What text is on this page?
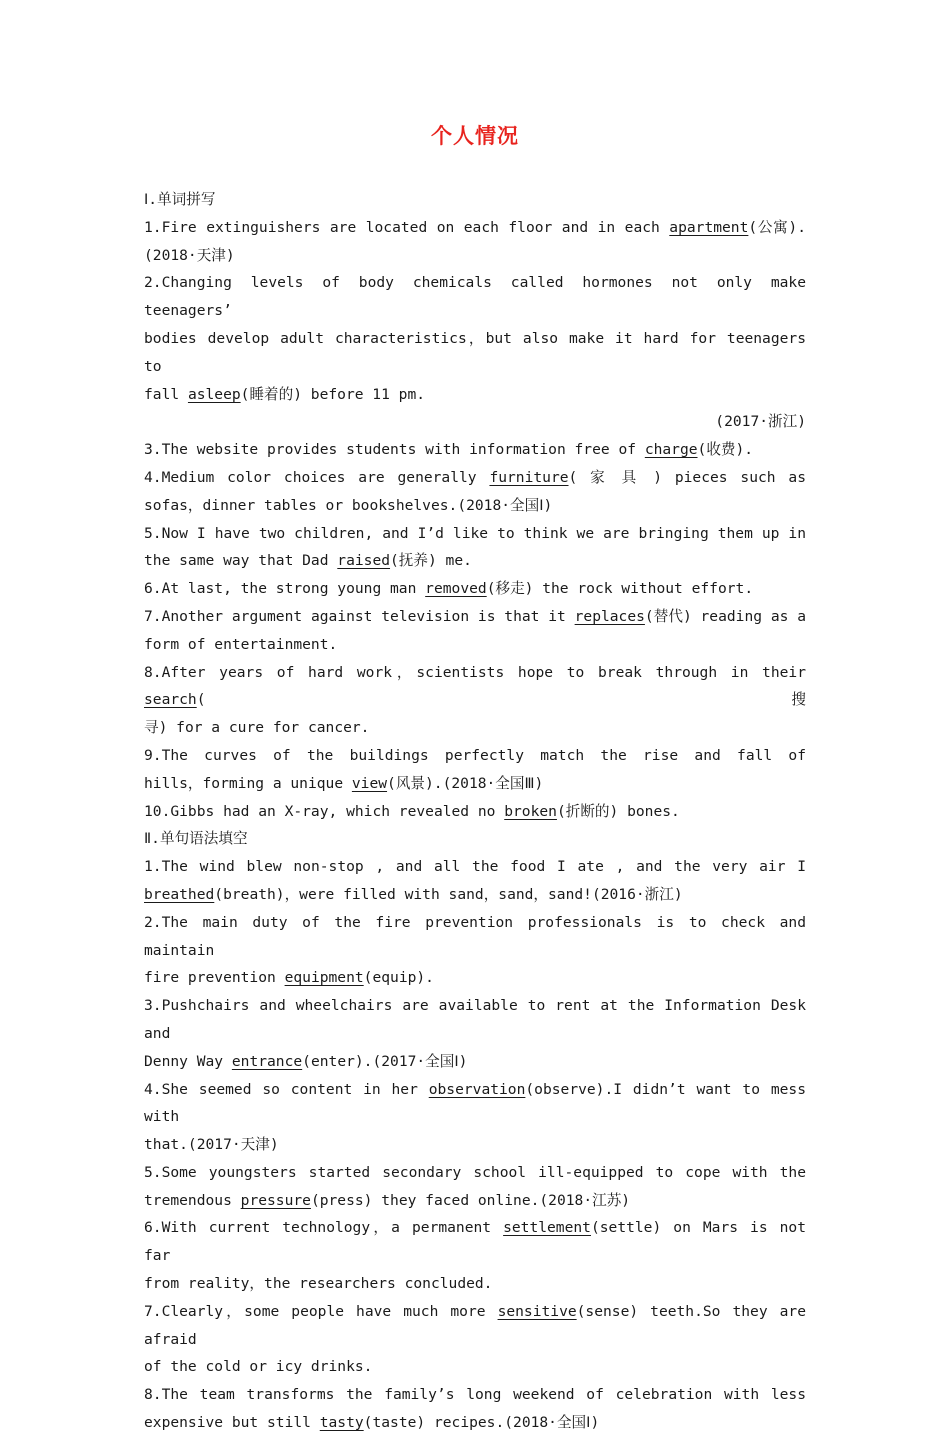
个人情况
Ⅰ.单词拼写
1.Fire extinguishers are located on each floor and in each apartment(公寓).
(2018·天津)
2.Changing levels of body chemicals called hormones not only make teenagers’
bodies develop adult characteristics，but also make it hard for teenagers to
fall asleep(睡着的) before 11 pm.
(2017·浙江)
3.The website provides students with information free of charge(收费).
4.Medium color choices are generally furniture( 家 具 ) pieces such as
sofas，dinner tables or bookshelves.(2018·全国Ⅰ)
5.Now I have two children, and I’d like to think we are bringing them up in
the same way that Dad raised(抚养) me.
6.At last, the strong young man removed(移走) the rock without effort.
7.Another argument against television is that it replaces(替代) reading as a
form of entertainment.
8.After years of hard work，scientists hope to break through in their search(搜
寻) for a cure for cancer.
9.The curves of the buildings perfectly match the rise and fall of
hills，forming a unique view(风景).(2018·全国Ⅲ)
10.Gibbs had an X-ray, which revealed no broken(折断的) bones.
Ⅱ.单句语法填空
1.The wind blew non-stop , and all the food I ate , and the very air I
breathed(breath)，were filled with sand，sand，sand!(2016·浙江)
2.The main duty of the fire prevention professionals is to check and maintain
fire prevention equipment(equip).
3.Pushchairs and wheelchairs are available to rent at the Information Desk and
Denny Way entrance(enter).(2017·全国Ⅰ)
4.She seemed so content in her observation(observe).I didn’t want to mess with
that.(2017·天津)
5.Some youngsters started secondary school ill-equipped to cope with the
tremendous pressure(press) they faced online.(2018·江苏)
6.With current technology，a permanent settlement(settle) on Mars is not far
from reality，the researchers concluded.
7.Clearly，some people have much more sensitive(sense) teeth.So they are afraid
of the cold or icy drinks.
8.The team transforms the family’s long weekend of celebration with less
expensive but still tasty(taste) recipes.(2018·全国Ⅰ)
